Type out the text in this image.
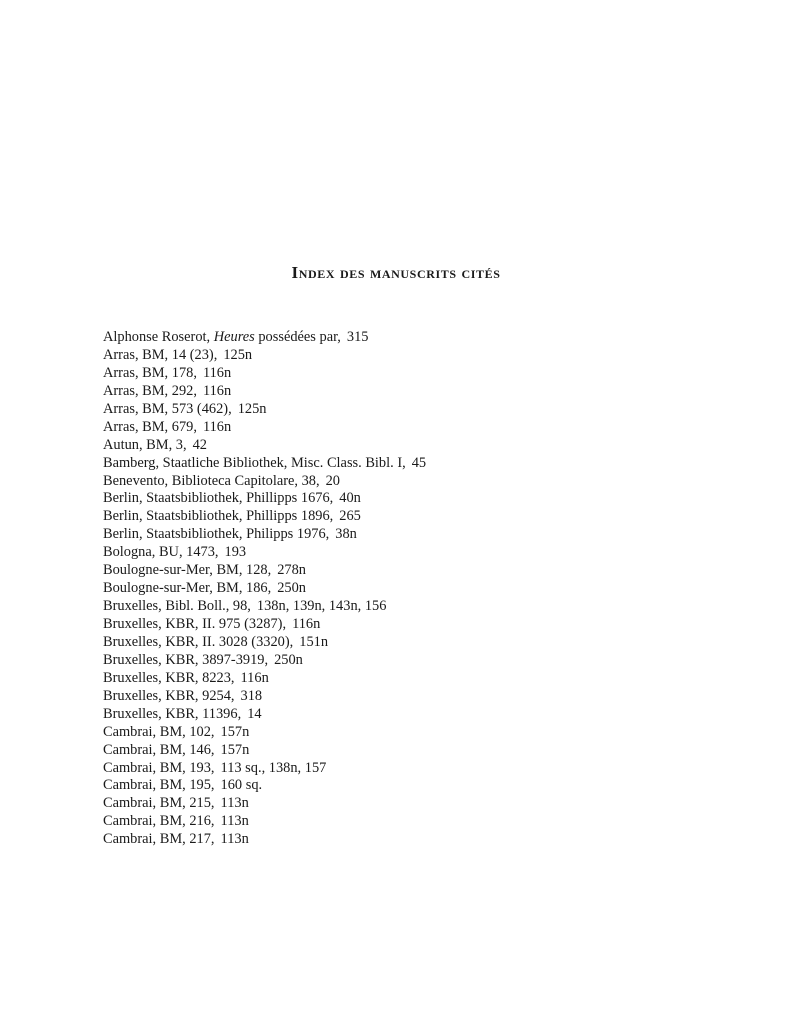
Index des manuscrits cités
Alphonse Roserot, Heures possédées par, 315
Arras, BM, 14 (23), 125n
Arras, BM, 178, 116n
Arras, BM, 292, 116n
Arras, BM, 573 (462), 125n
Arras, BM, 679, 116n
Autun, BM, 3, 42
Bamberg, Staatliche Bibliothek, Misc. Class. Bibl. I, 45
Benevento, Biblioteca Capitolare, 38, 20
Berlin, Staatsbibliothek, Phillipps 1676, 40n
Berlin, Staatsbibliothek, Phillipps 1896, 265
Berlin, Staatsbibliothek, Philipps 1976, 38n
Bologna, BU, 1473, 193
Boulogne-sur-Mer, BM, 128, 278n
Boulogne-sur-Mer, BM, 186, 250n
Bruxelles, Bibl. Boll., 98, 138n, 139n, 143n, 156
Bruxelles, KBR, II. 975 (3287), 116n
Bruxelles, KBR, II. 3028 (3320), 151n
Bruxelles, KBR, 3897-3919, 250n
Bruxelles, KBR, 8223, 116n
Bruxelles, KBR, 9254, 318
Bruxelles, KBR, 11396, 14
Cambrai, BM, 102, 157n
Cambrai, BM, 146, 157n
Cambrai, BM, 193, 113 sq., 138n, 157
Cambrai, BM, 195, 160 sq.
Cambrai, BM, 215, 113n
Cambrai, BM, 216, 113n
Cambrai, BM, 217, 113n
